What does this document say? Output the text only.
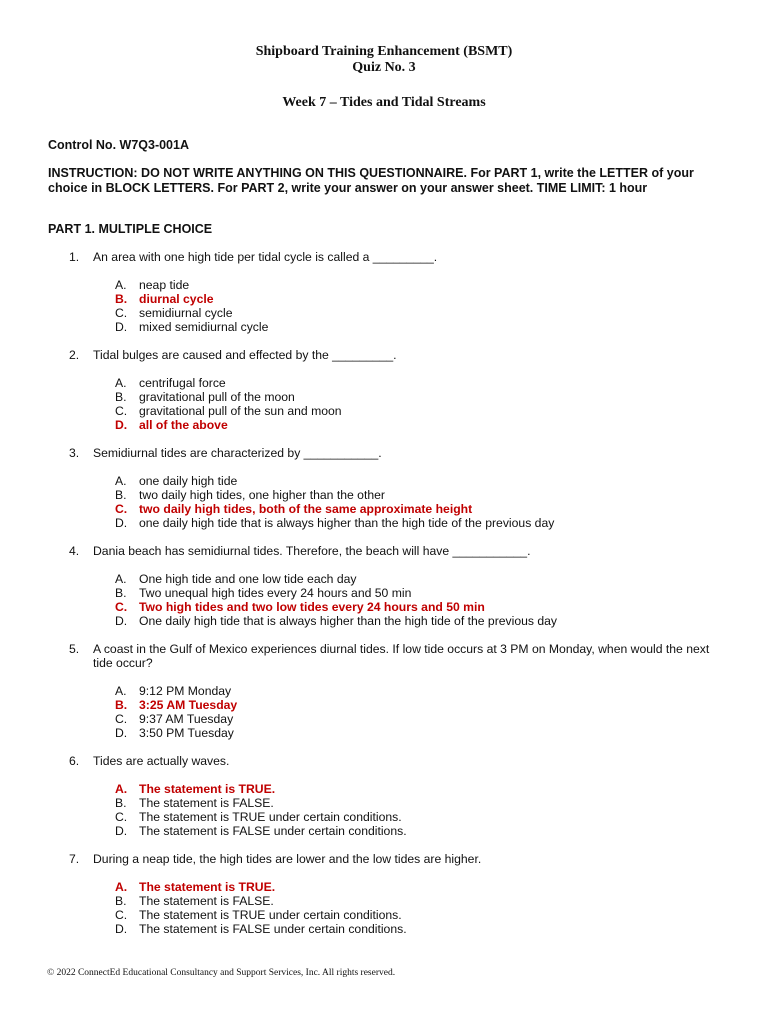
Shipboard Training Enhancement (BSMT)
Quiz No. 3
Week 7 – Tides and Tidal Streams
Control No. W7Q3-001A
INSTRUCTION: DO NOT WRITE ANYTHING ON THIS QUESTIONNAIRE. For PART 1, write the LETTER of your choice in BLOCK LETTERS. For PART 2, write your answer on your answer sheet. TIME LIMIT: 1 hour
PART 1. MULTIPLE CHOICE
1. An area with one high tide per tidal cycle is called a _________.
A. neap tide
B. diurnal cycle
C. semidiurnal cycle
D. mixed semidiurnal cycle
2. Tidal bulges are caused and effected by the _________.
A. centrifugal force
B. gravitational pull of the moon
C. gravitational pull of the sun and moon
D. all of the above
3. Semidiurnal tides are characterized by ___________.
A. one daily high tide
B. two daily high tides, one higher than the other
C. two daily high tides, both of the same approximate height
D. one daily high tide that is always higher than the high tide of the previous day
4. Dania beach has semidiurnal tides. Therefore, the beach will have ___________.
A. One high tide and one low tide each day
B. Two unequal high tides every 24 hours and 50 min
C. Two high tides and two low tides every 24 hours and 50 min
D. One daily high tide that is always higher than the high tide of the previous day
5. A coast in the Gulf of Mexico experiences diurnal tides. If low tide occurs at 3 PM on Monday, when would the next tide occur?
A. 9:12 PM Monday
B. 3:25 AM Tuesday
C. 9:37 AM Tuesday
D. 3:50 PM Tuesday
6. Tides are actually waves.
A. The statement is TRUE.
B. The statement is FALSE.
C. The statement is TRUE under certain conditions.
D. The statement is FALSE under certain conditions.
7. During a neap tide, the high tides are lower and the low tides are higher.
A. The statement is TRUE.
B. The statement is FALSE.
C. The statement is TRUE under certain conditions.
D. The statement is FALSE under certain conditions.
© 2022 ConnectEd Educational Consultancy and Support Services, Inc. All rights reserved.
